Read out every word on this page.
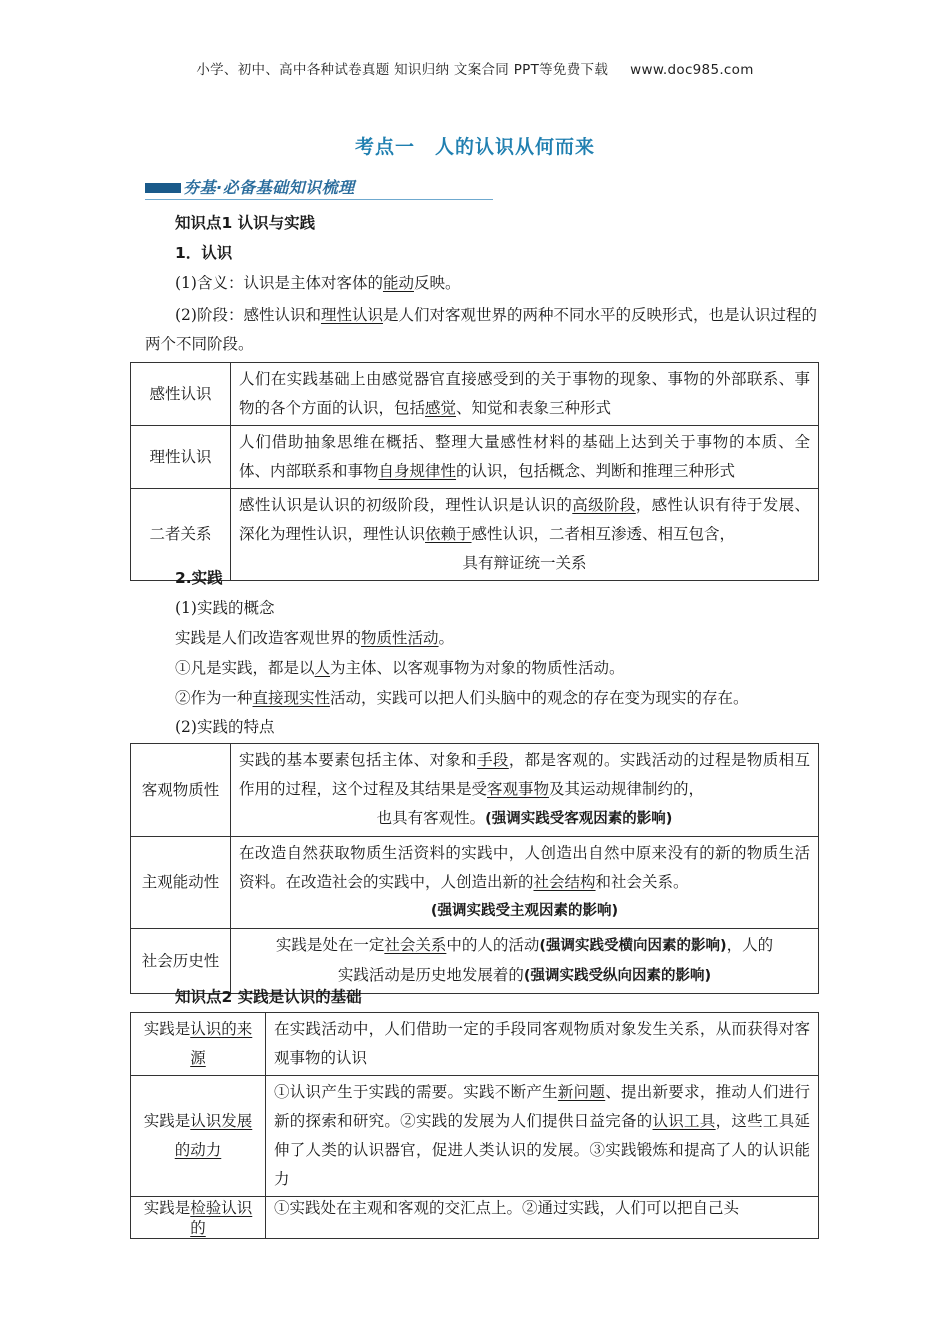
小学、初中、高中各种试卷真题 知识归纳 文案合同 PPT等免费下载 www.doc985.com
考点一　人的认识从何而来
夯基·必备基础知识梳理
知识点1 认识与实践
1．认识
(1)含义：认识是主体对客体的能动反映。
(2)阶段：感性认识和理性认识是人们对客观世界的两种不同水平的反映形式，也是认识过程的两个不同阶段。
感性认识	人们在实践基础上由感觉器官直接感受到的关于事物的现象、事物的外部联系、事物的各个方面的认识，包括感觉、知觉和表象三种形式
理性认识	人们借助抽象思维在概括、整理大量感性材料的基础上达到关于事物的本质、全体、内部联系和事物自身规律性的认识，包括概念、判断和推理三种形式
二者关系	感性认识是认识的初级阶段，理性认识是认识的高级阶段，感性认识有待于发展、深化为理性认识，理性认识依赖于感性认识，二者相互渗透、相互包含，
具有辩证统一关系
2.实践
(1)实践的概念
实践是人们改造客观世界的物质性活动。
①凡是实践，都是以人为主体、以客观事物为对象的物质性活动。
②作为一种直接现实性活动，实践可以把人们头脑中的观念的存在变为现实的存在。
(2)实践的特点
客观物质性	实践的基本要素包括主体、对象和手段，都是客观的。实践活动的过程是物质相互作用的过程，这个过程及其结果是受客观事物及其运动规律制约的，
也具有客观性。(强调实践受客观因素的影响)

主观能动性	在改造自然获取物质生活资料的实践中，人创造出自然中原来没有的新的物质生活资料。在改造社会的实践中，人创造出新的社会结构和社会关系。
(强调实践受主观因素的影响)

社会历史性	实践是处在一定社会关系中的人的活动(强调实践受横向因素的影响)，人的
实践活动是历史地发展着的(强调实践受纵向因素的影响)
知识点2 实践是认识的基础
实践是认识的来源	在实践活动中，人们借助一定的手段同客观物质对象发生关系，从而获得对客观事物的认识
实践是认识发展的动力	①认识产生于实践的需要。实践不断产生新问题、提出新要求，推动人们进行新的探索和研究。②实践的发展为人们提供日益完备的认识工具，这些工具延伸了人类的认识器官，促进人类认识的发展。③实践锻炼和提高了人的认识能力
实践是检验认识的	①实践处在主观和客观的交汇点上。②通过实践，人们可以把自己头
